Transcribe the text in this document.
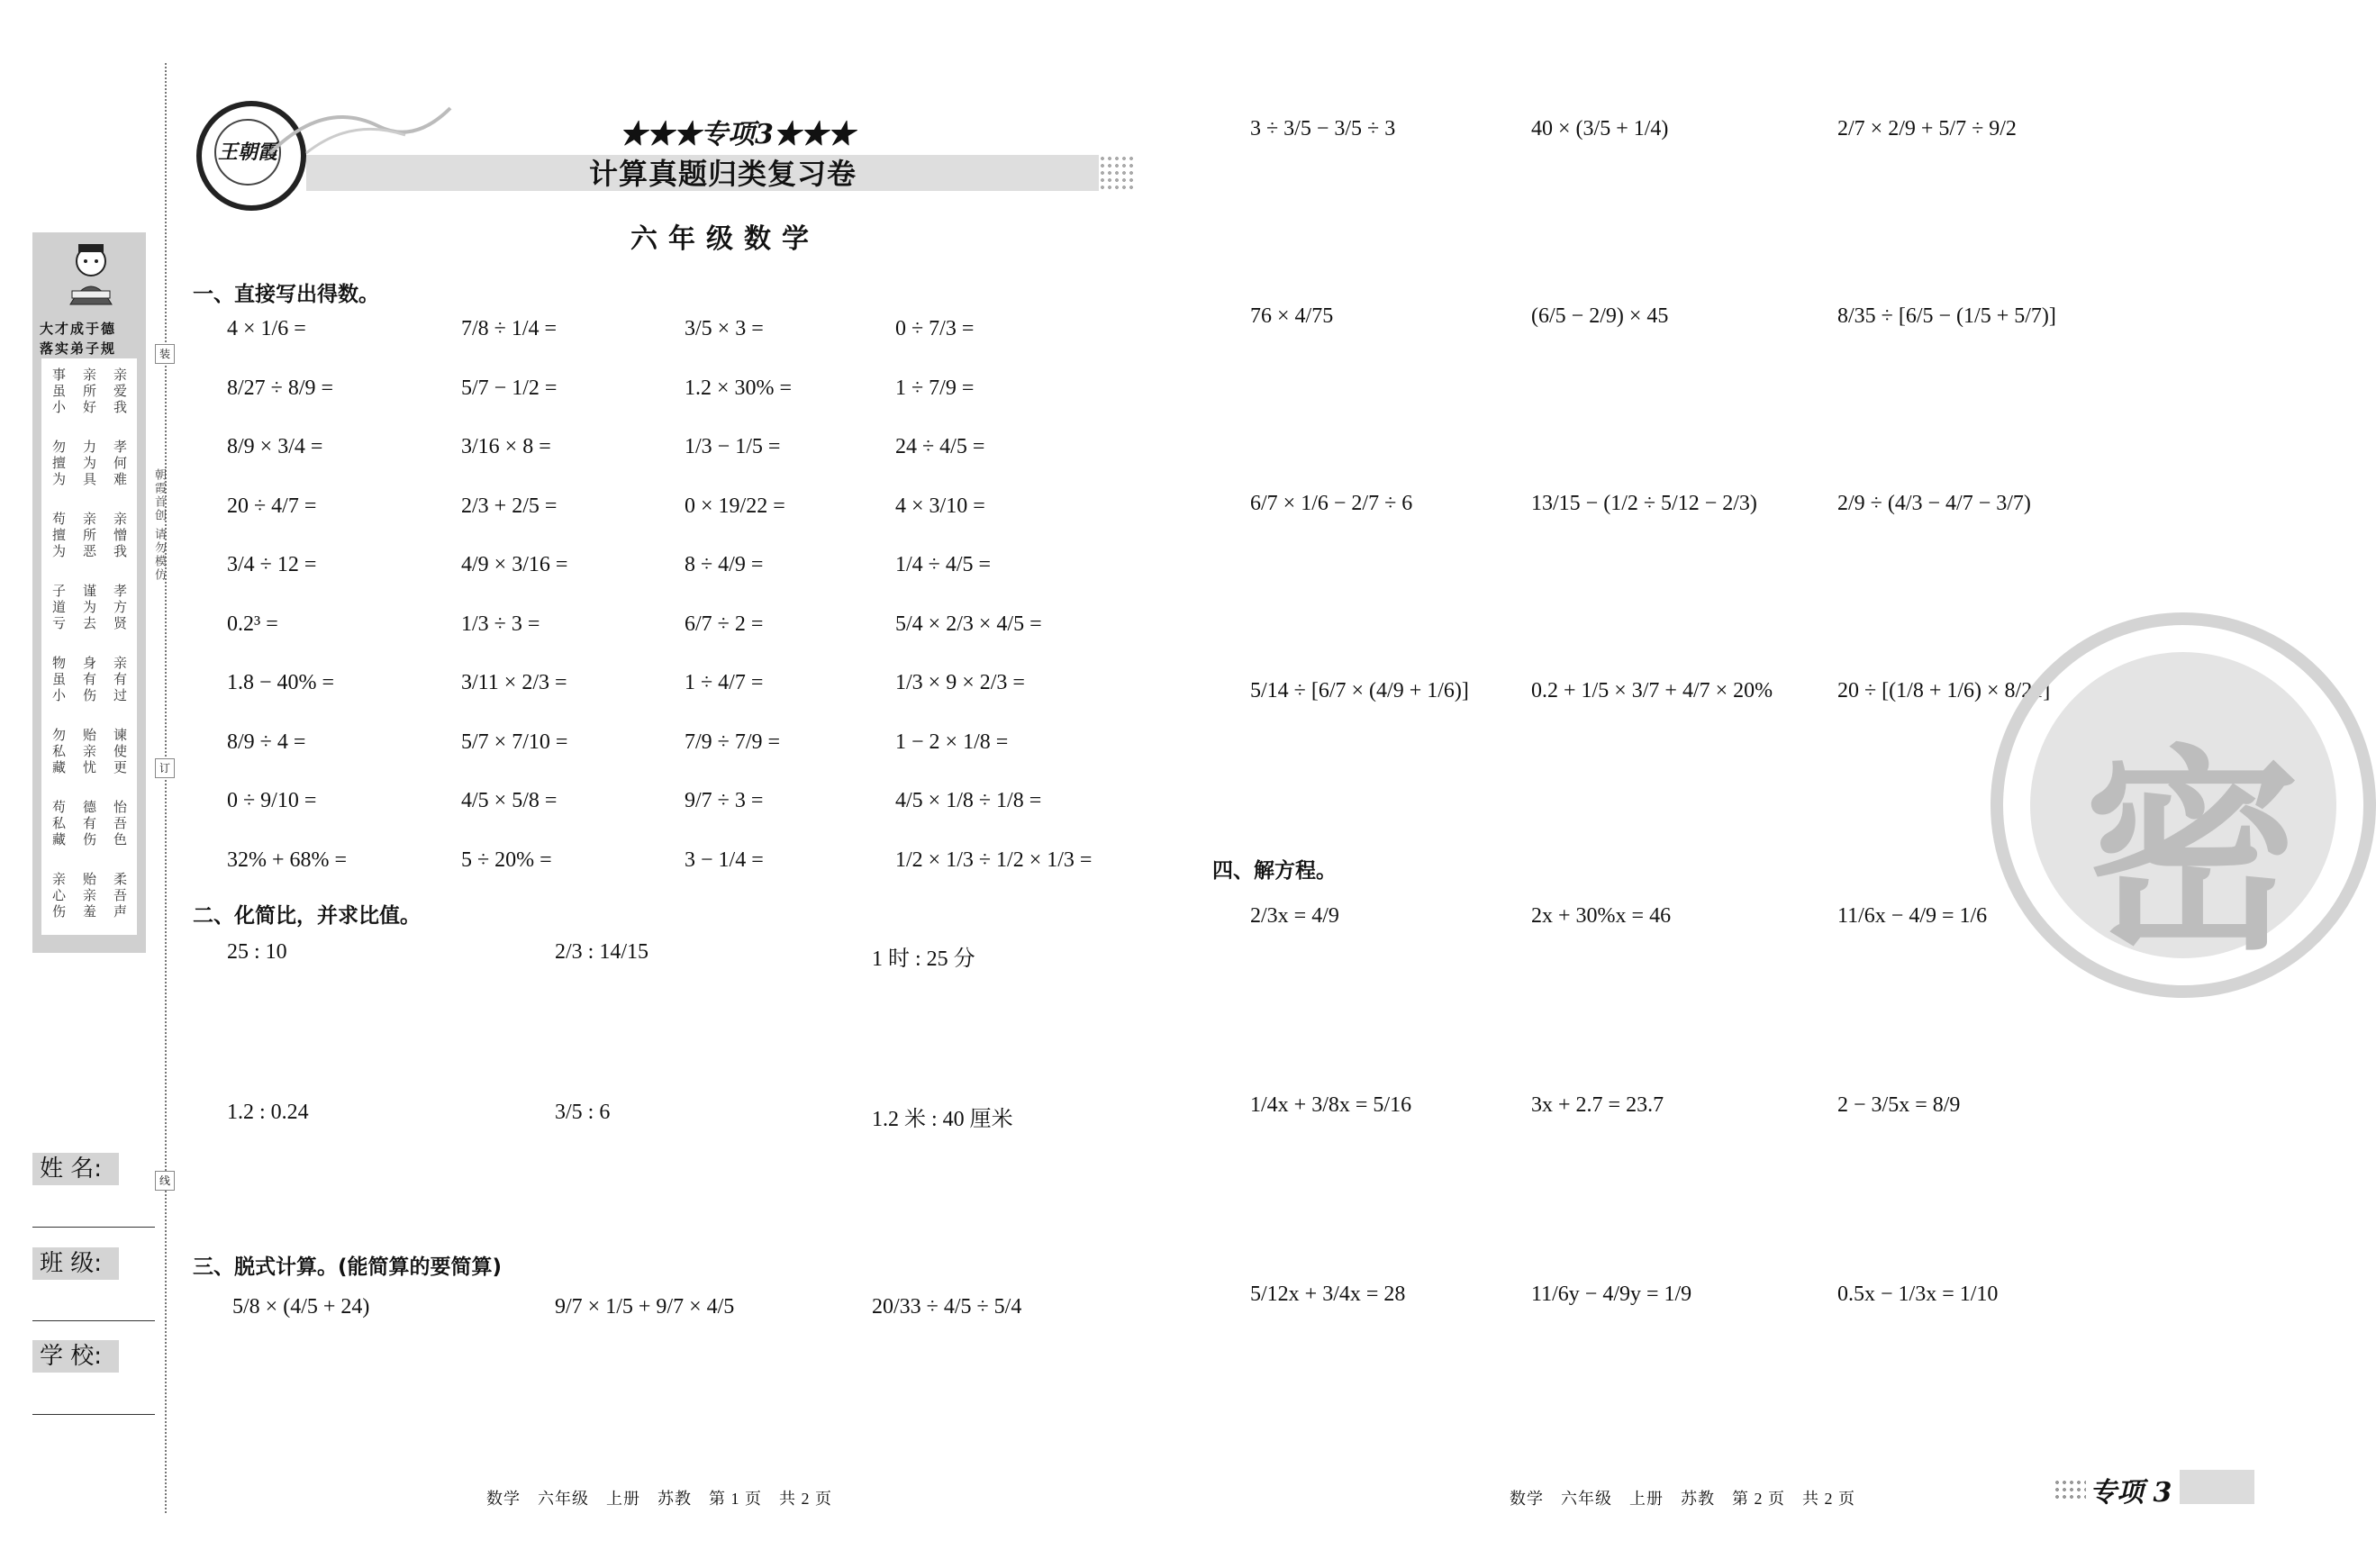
大才成于德
落实弟子规
亲爱我
亲所好
事虽小
孝何难
力为具
勿擅为
亲憎我
亲所恶
苟擅为
孝方贤
谨为去
子道亏
亲有过
身有伤
物虽小
谏使更
贻亲忧
勿私藏
怡吾色
德有伤
苟私藏
柔吾声
贻亲羞
亲心伤
装
订
线
朝霞首创 请勿模仿
姓 名:
班 级:
学 校:
王朝霞
★★★专项3★★★
计算真题归类复习卷
六年级数学
一、直接写出得数。
二、化简比，并求比值。
三、脱式计算。(能简算的要简算)
四、解方程。
4 × 1/6 =	7/8 ÷ 1/4 =	3/5 × 3 =	0 ÷ 7/3 =
8/27 ÷ 8/9 =	5/7 − 1/2 =	1.2 × 30% =	1 ÷ 7/9 =
8/9 × 3/4 =	3/16 × 8 =	1/3 − 1/5 =	24 ÷ 4/5 =
20 ÷ 4/7 =	2/3 + 2/5 =	0 × 19/22 =	4 × 3/10 =
3/4 ÷ 12 =	4/9 × 3/16 =	8 ÷ 4/9 =	1/4 ÷ 4/5 =
0.2³ =	1/3 ÷ 3 =	6/7 ÷ 2 =	5/4 × 2/3 × 4/5 =
1.8 − 40% =	3/11 × 2/3 =	1 ÷ 4/7 =	1/3 × 9 × 2/3 =
8/9 ÷ 4 =	5/7 × 7/10 =	7/9 ÷ 7/9 =	1 − 2 × 1/8 =
0 ÷ 9/10 =	4/5 × 5/8 =	9/7 ÷ 3 =	4/5 × 1/8 ÷ 1/8 =
32% + 68% =	5 ÷ 20% =	3 − 1/4 =	1/2 × 1/3 ÷ 1/2 × 1/3 =
25 : 10	2/3 : 14/15	1 时 : 25 分
1.2 : 0.24	3/5 : 6	1.2 米 : 40 厘米
5/8 × (4/5 + 24)	9/7 × 1/5 + 9/7 × 4/5	20/33 ÷ 4/5 ÷ 5/4
3 ÷ 3/5 − 3/5 ÷ 3	40 × (3/5 + 1/4)	2/7 × 2/9 + 5/7 ÷ 9/2
76 × 4/75	(6/5 − 2/9) × 45	8/35 ÷ [6/5 − (1/5 + 5/7)]
6/7 × 1/6 − 2/7 ÷ 6	13/15 − (1/2 ÷ 5/12 − 2/3)	2/9 ÷ (4/3 − 4/7 − 3/7)
5/14 ÷ [6/7 × (4/9 + 1/6)]	0.2 + 1/5 × 3/7 + 4/7 × 20%	20 ÷ [(1/8 + 1/6) × 8/21]
2/3x = 4/9	2x + 30%x = 46	11/6x − 4/9 = 1/6
1/4x + 3/8x = 5/16	3x + 2.7 = 23.7	2 − 3/5x = 8/9
5/12x + 3/4x = 28	11/6y − 4/9y = 1/9	0.5x − 1/3x = 1/10
密
数学　六年级　上册　苏教　第 1 页　共 2 页	数学　六年级　上册　苏教　第 2 页　共 2 页	专项 3
